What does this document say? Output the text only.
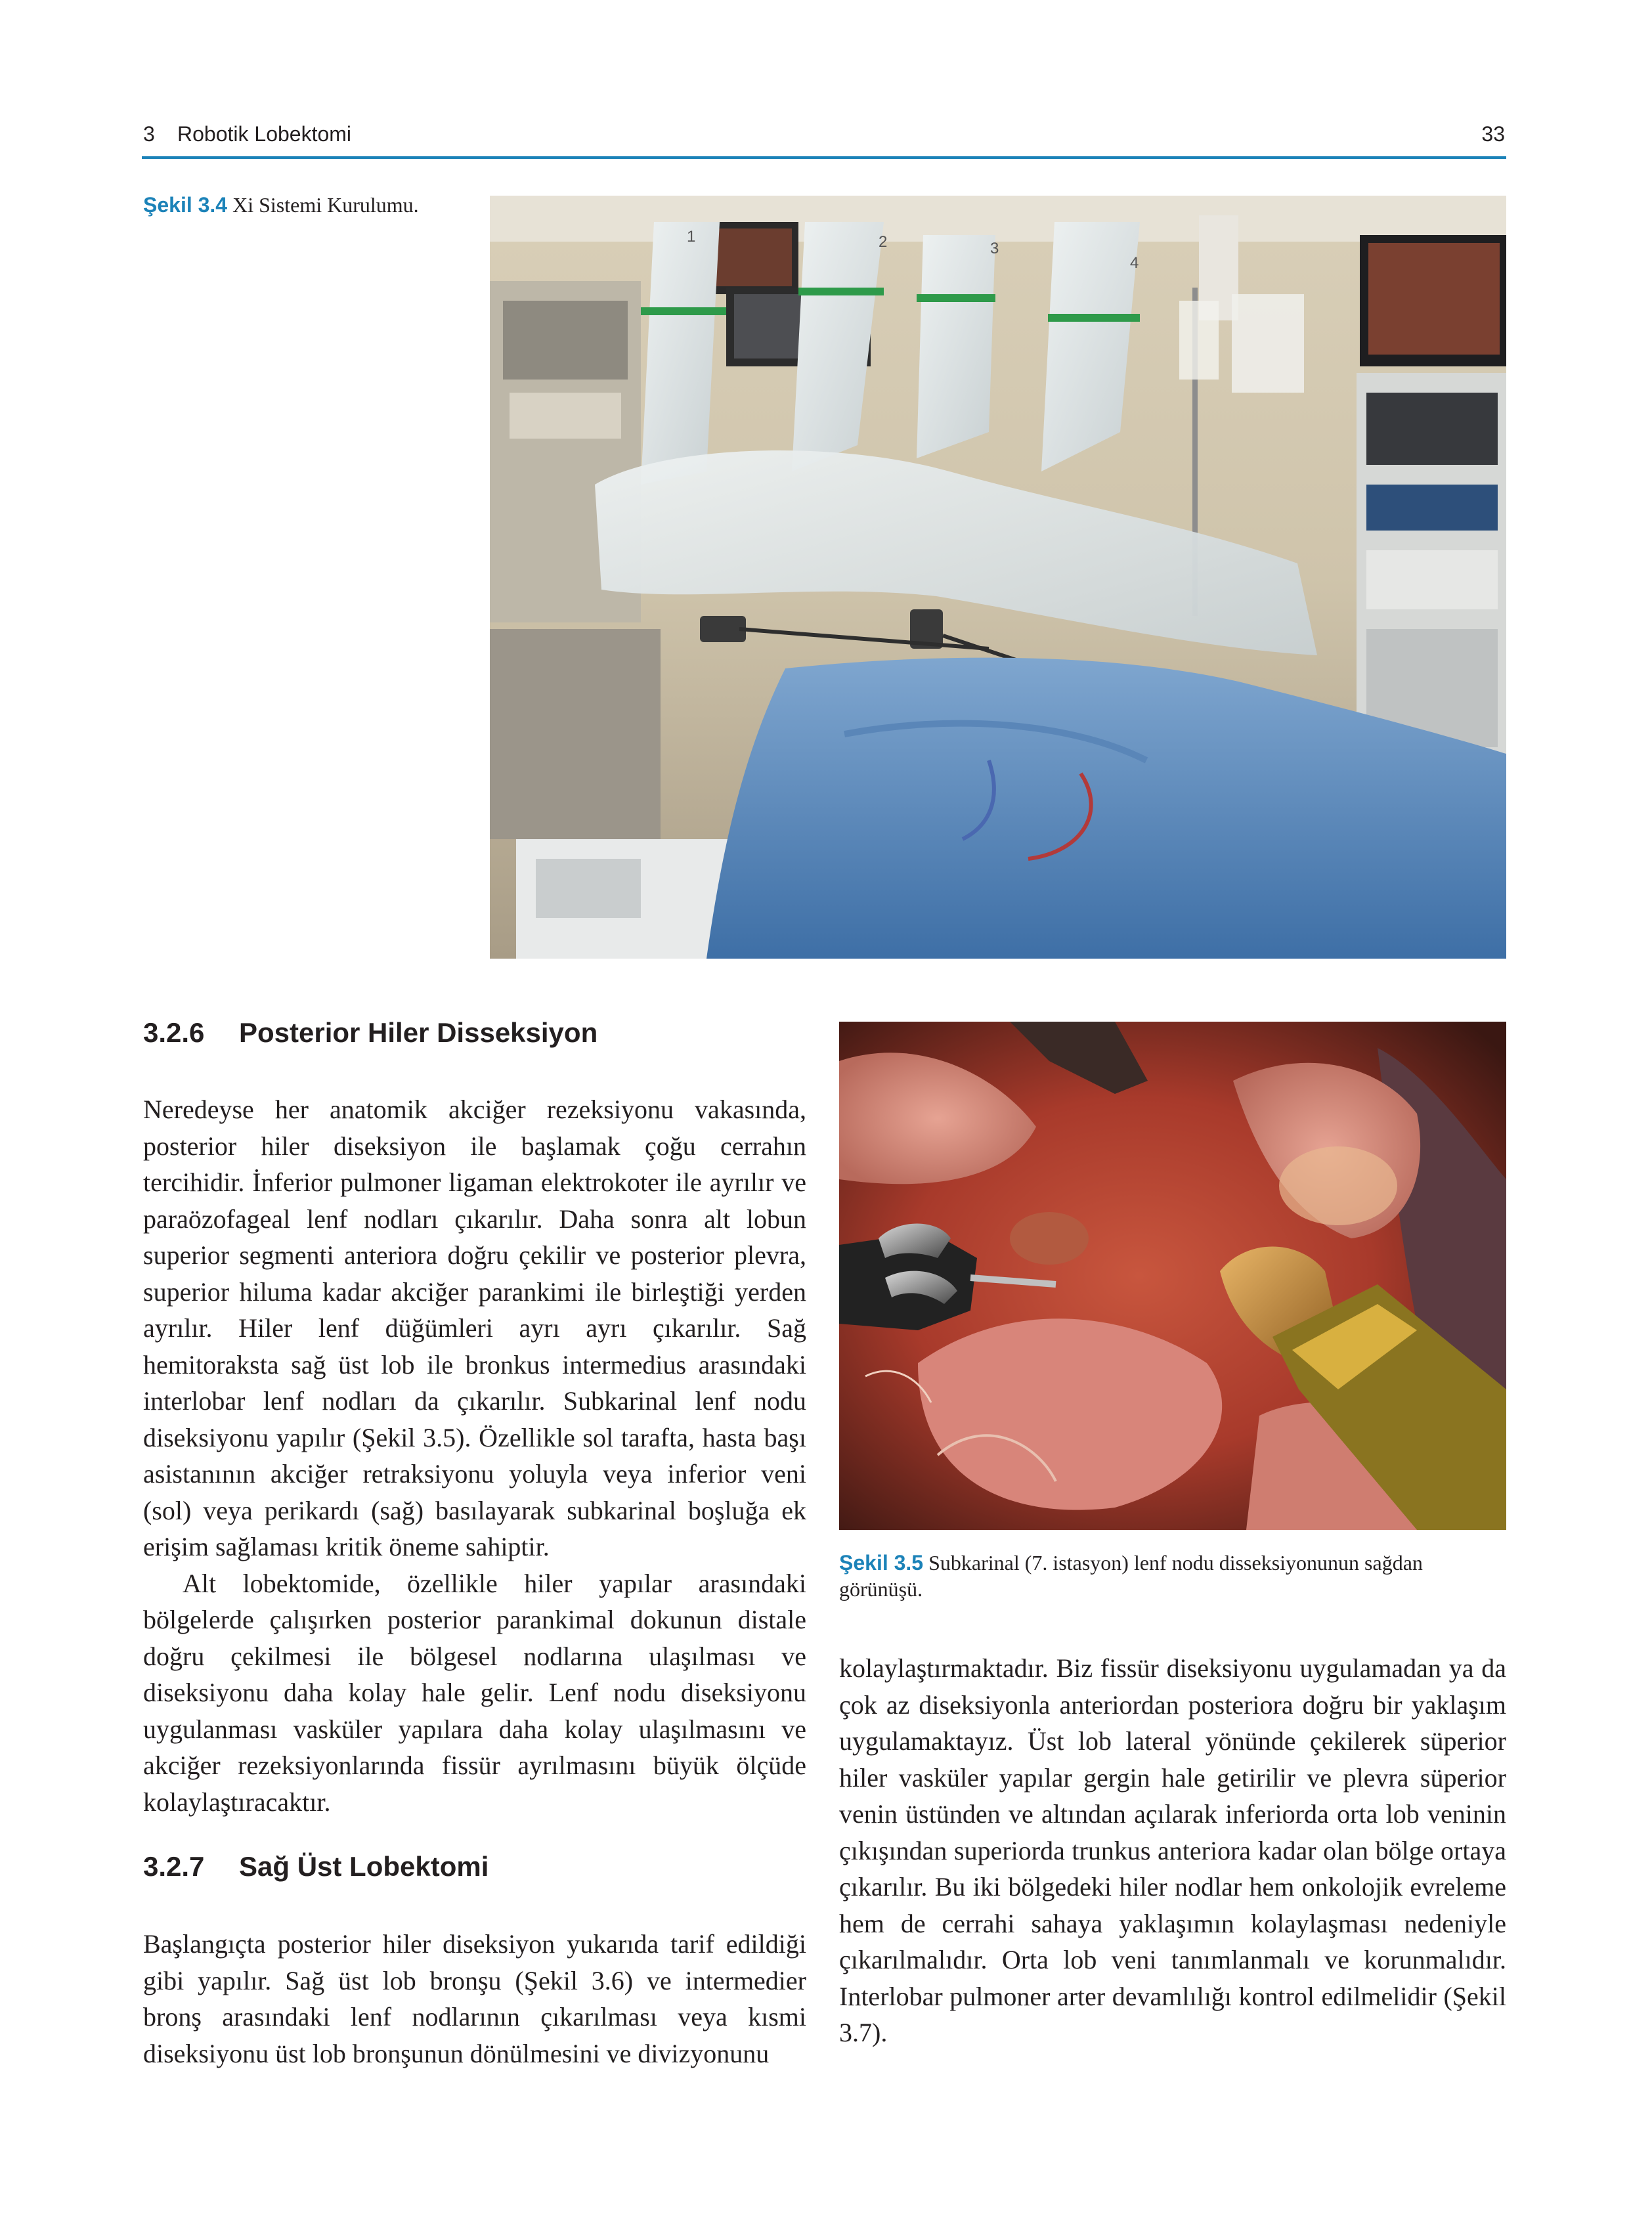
3 Robotik Lobektomi	33
Şekil 3.4 Xi Sistemi Kurulumu.
1	2	3
4
3.2.6 Posterior Hiler Disseksiyon

Neredeyse her anatomik akciğer rezeksiyonu vakasında, posterior hiler diseksiyon ile başlamak çoğu cerrahın tercihidir. İnferior pulmoner ligaman elektrokoter ile ayrılır ve paraözofageal lenf nodları çıkarılır. Daha sonra alt lobun superior segmenti anteriora doğru çekilir ve posterior plevra, superior hiluma kadar akciğer parankimi ile birleştiği yerden ayrılır. Hiler lenf düğümleri ayrı ayrı çıkarılır. Sağ hemitoraksta sağ üst lob ile bronkus intermedius arasındaki interlobar lenf nodları da çıkarılır. Subkarinal lenf nodu diseksiyonu yapılır (Şekil 3.5). Özellikle sol tarafta, hasta başı asistanının akciğer retraksiyonu yoluyla veya inferior veni (sol) veya perikardı (sağ) basılayarak subkarinal boşluğa ek erişim sağlaması kritik öneme sahiptir.

Alt lobektomide, özellikle hiler yapılar arasındaki bölgelerde çalışırken posterior parankimal dokunun distale doğru çekilmesi ile bölgesel nodlarına ulaşılması ve diseksiyonu daha kolay hale gelir. Lenf nodu diseksiyonu uygulanması vasküler yapılara daha kolay ulaşılmasını ve akciğer rezeksiyonlarında fissür ayrılmasını büyük ölçüde kolaylaştıracaktır.

3.2.7 Sağ Üst Lobektomi

Başlangıçta posterior hiler diseksiyon yukarıda tarif edildiği gibi yapılır. Sağ üst lob bronşu (Şekil 3.6) ve intermedier bronş arasındaki lenf nodlarının çıkarılması veya kısmi diseksiyonu üst lob bronşunun dönülmesini ve divizyonunu

Şekil 3.5 Subkarinal (7. istasyon) lenf nodu disseksiyonunun sağdan görünüşü.

kolaylaştırmaktadır. Biz fissür diseksiyonu uygulamadan ya da çok az diseksiyonla anteriordan posteriora doğru bir yaklaşım uygulamaktayız. Üst lob lateral yönünde çekilerek süperior hiler vasküler yapılar gergin hale getirilir ve plevra süperior venin üstünden ve altından açılarak inferiorda orta lob veninin çıkışından superiorda trunkus anteriora kadar olan bölge ortaya çıkarılır. Bu iki bölgedeki hiler nodlar hem onkolojik evreleme hem de cerrahi sahaya yaklaşımın kolaylaşması nedeniyle çıkarılmalıdır. Orta lob veni tanımlanmalı ve korunmalıdır. Interlobar pulmoner arter devamlılığı kontrol edilmelidir (Şekil 3.7).
